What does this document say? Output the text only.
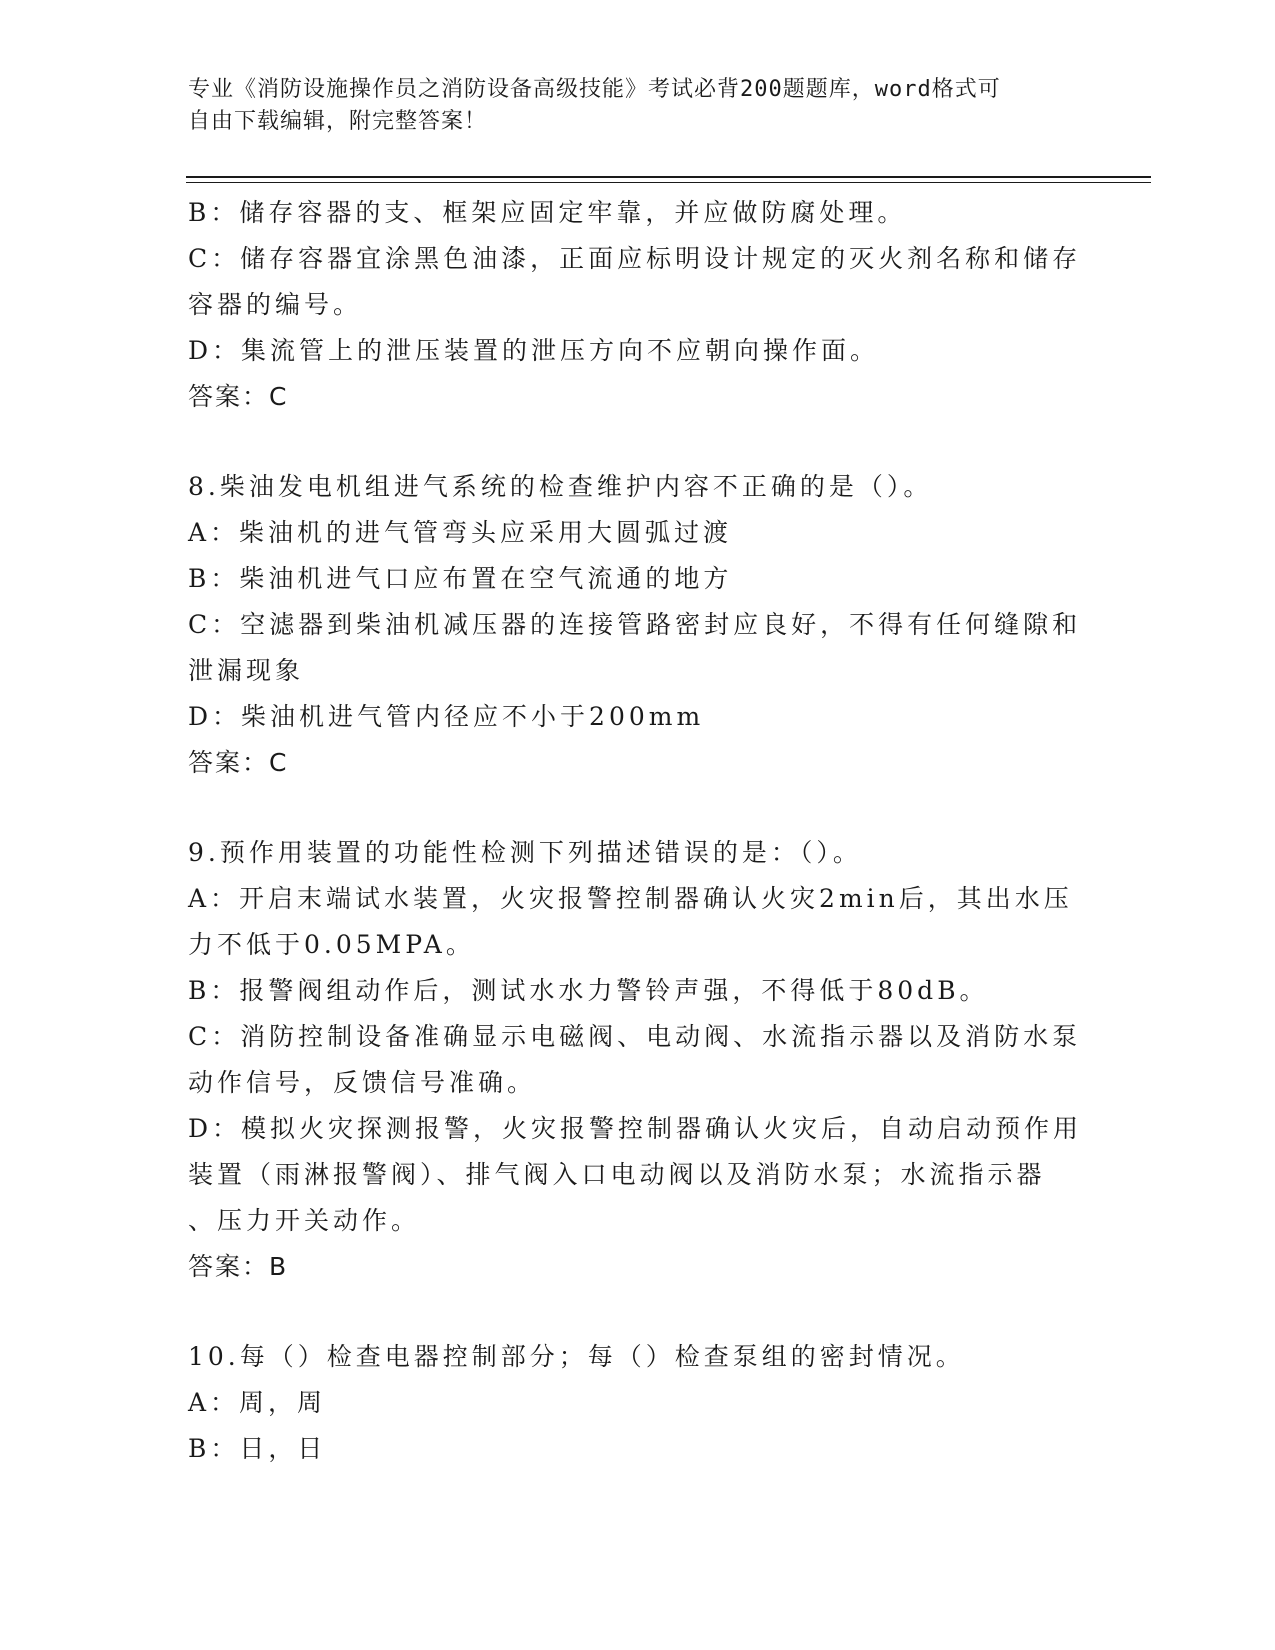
专业《消防设施操作员之消防设备高级技能》考试必背200题题库，word格式可
自由下载编辑，附完整答案！
B：储存容器的支、框架应固定牢靠，并应做防腐处理。
C：储存容器宜涂黑色油漆，正面应标明设计规定的灭火剂名称和储存
容器的编号。
D：集流管上的泄压装置的泄压方向不应朝向操作面。
答案：C
8.柴油发电机组进气系统的检查维护内容不正确的是（）。
A：柴油机的进气管弯头应采用大圆弧过渡
B：柴油机进气口应布置在空气流通的地方
C：空滤器到柴油机减压器的连接管路密封应良好，不得有任何缝隙和
泄漏现象
D：柴油机进气管内径应不小于200mm
答案：C
9.预作用装置的功能性检测下列描述错误的是：（）。
A：开启末端试水装置，火灾报警控制器确认火灾2min后，其出水压
力不低于0.05MPA。
B：报警阀组动作后，测试水水力警铃声强，不得低于80dB。
C：消防控制设备准确显示电磁阀、电动阀、水流指示器以及消防水泵
动作信号，反馈信号准确。
D：模拟火灾探测报警，火灾报警控制器确认火灾后，自动启动预作用
装置（雨淋报警阀）、排气阀入口电动阀以及消防水泵；水流指示器
、压力开关动作。
答案：B
10.每（）检查电器控制部分；每（）检查泵组的密封情况。
A：周，周
B：日，日
